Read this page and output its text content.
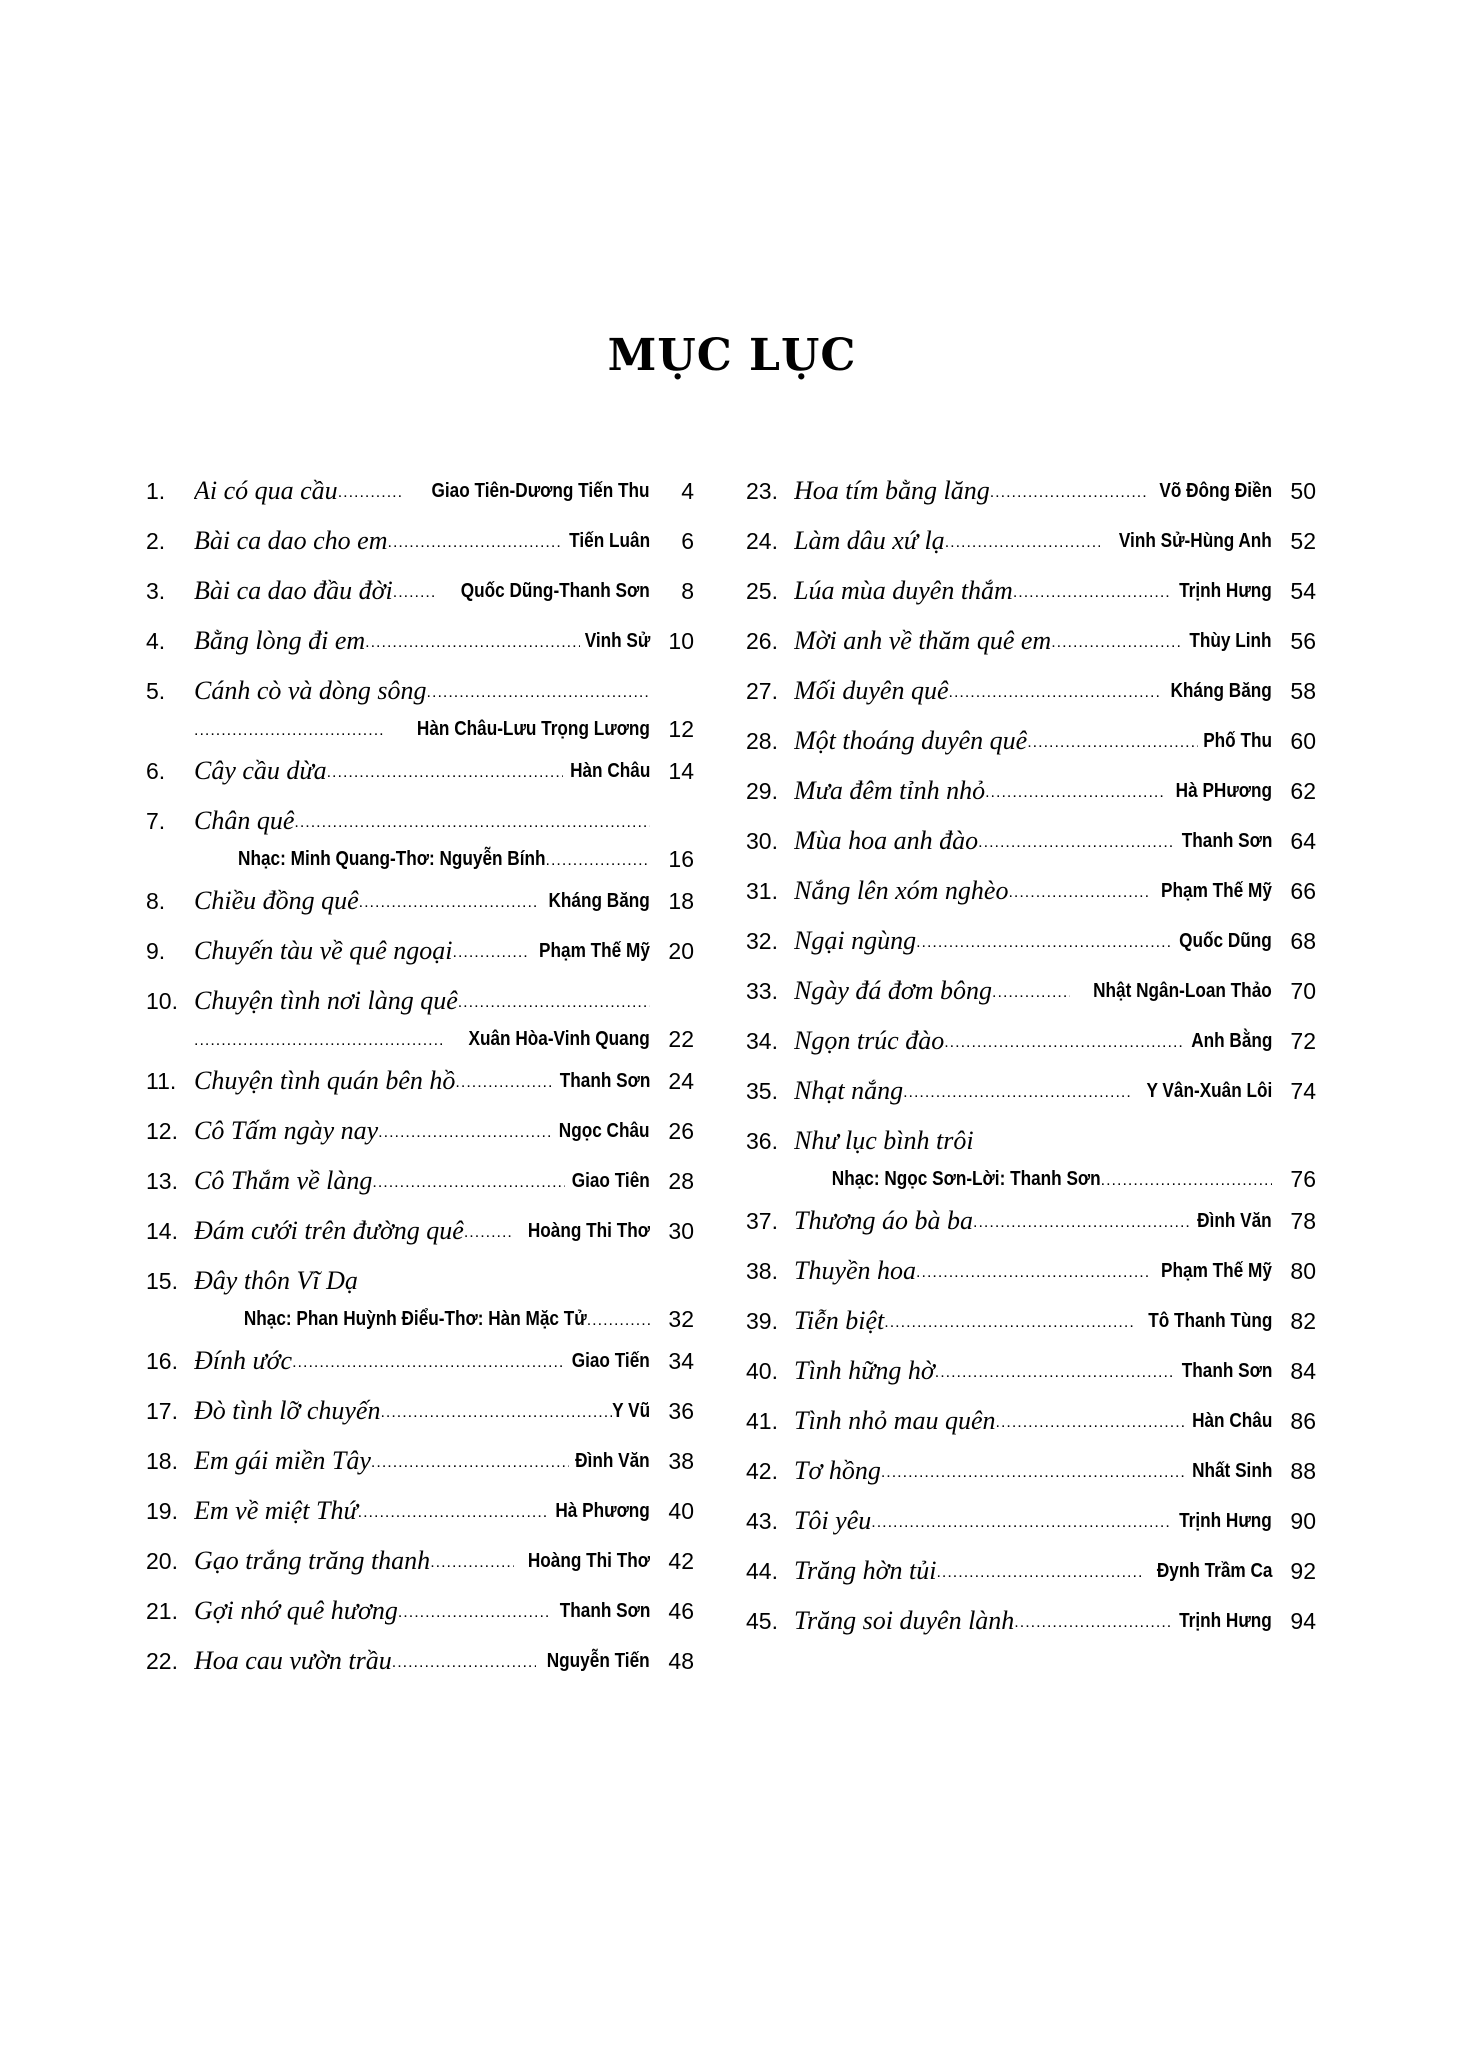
MỤC LỤC
1. Ai có qua cầu .....	Giao Tiên-Dương Tiến Thu	4
2. Bài ca dao cho em .....	Tiến Luân	6
3. Bài ca dao đầu đời .....	Quốc Dũng-Thanh Sơn	8
4. Bằng lòng đi em .....	Vinh Sử 10
5. Cánh cò và dòng sông
.....
.....
Hàn Châu-Lưu Trọng Lương 12
6. Cây cầu dừa .....	Hàn Châu 14
7. Chân quê
.....
Nhạc: Minh Quang-Thơ: Nguyễn Bính .....	16
8. Chiều đồng quê .....	Kháng Băng 18
9. Chuyến tàu về quê ngoại .....	Phạm Thế Mỹ 20
10. Chuyện tình nơi làng quê
.....
.....
Xuân Hòa-Vinh Quang 22
11. Chuyện tình quán bên hồ .....	Thanh Sơn 24
12. Cô Tấm ngày nay .....	Ngọc Châu 26
13. Cô Thắm về làng .....	Giao Tiên 28
14. Đám cưới trên đường quê .....	Hoàng Thi Thơ 30
15. Đây thôn Vĩ Dạ
Nhạc: Phan Huỳnh Điểu-Thơ: Hàn Mặc Tử .....	32
16. Đính ước .....	Giao Tiến 34
17. Đò tình lỡ chuyến .....	Y Vũ 36
18. Em gái miền Tây .....	Đình Văn 38
19. Em về miệt Thứ .....	Hà Phương 40
20. Gạo trắng trăng thanh .....	Hoàng Thi Thơ 42
21. Gợi nhớ quê hương .....	Thanh Sơn 46
22. Hoa cau vườn trầu .....	Nguyễn Tiến 48
23. Hoa tím bằng lăng .....	Võ Đông Điền 50
24. Làm dâu xứ lạ .....	Vinh Sử-Hùng Anh 52
25. Lúa mùa duyên thắm .....	Trịnh Hưng 54
26. Mời anh về thăm quê em .....	Thùy Linh 56
27. Mối duyên quê .....	Kháng Băng 58
28. Một thoáng duyên quê .....	Phố Thu 60
29. Mưa đêm tỉnh nhỏ .....	Hà PHương 62
30. Mùa hoa anh đào .....	Thanh Sơn 64
31. Nắng lên xóm nghèo .....	Phạm Thế Mỹ 66
32. Ngại ngùng .....	Quốc Dũng 68
33. Ngày đá đơm bông .....	Nhật Ngân-Loan Thảo 70
34. Ngọn trúc đào .....	Anh Bằng 72
35. Nhạt nắng .....	Y Vân-Xuân Lôi 74
36. Như lục bình trôi
Nhạc: Ngọc Sơn-Lời: Thanh Sơn .....	76
37. Thương áo bà ba .....	Đình Văn 78
38. Thuyền hoa .....	Phạm Thế Mỹ 80
39. Tiễn biệt .....	Tô Thanh Tùng 82
40. Tình hững hờ .....	Thanh Sơn 84
41. Tình nhỏ mau quên .....	Hàn Châu 86
42. Tơ hồng .....	Nhất Sinh 88
43. Tôi yêu .....	Trịnh Hưng 90
44. Trăng hờn tủi .....	Đynh Trầm Ca 92
45. Trăng soi duyên lành .....	Trịnh Hưng 94
